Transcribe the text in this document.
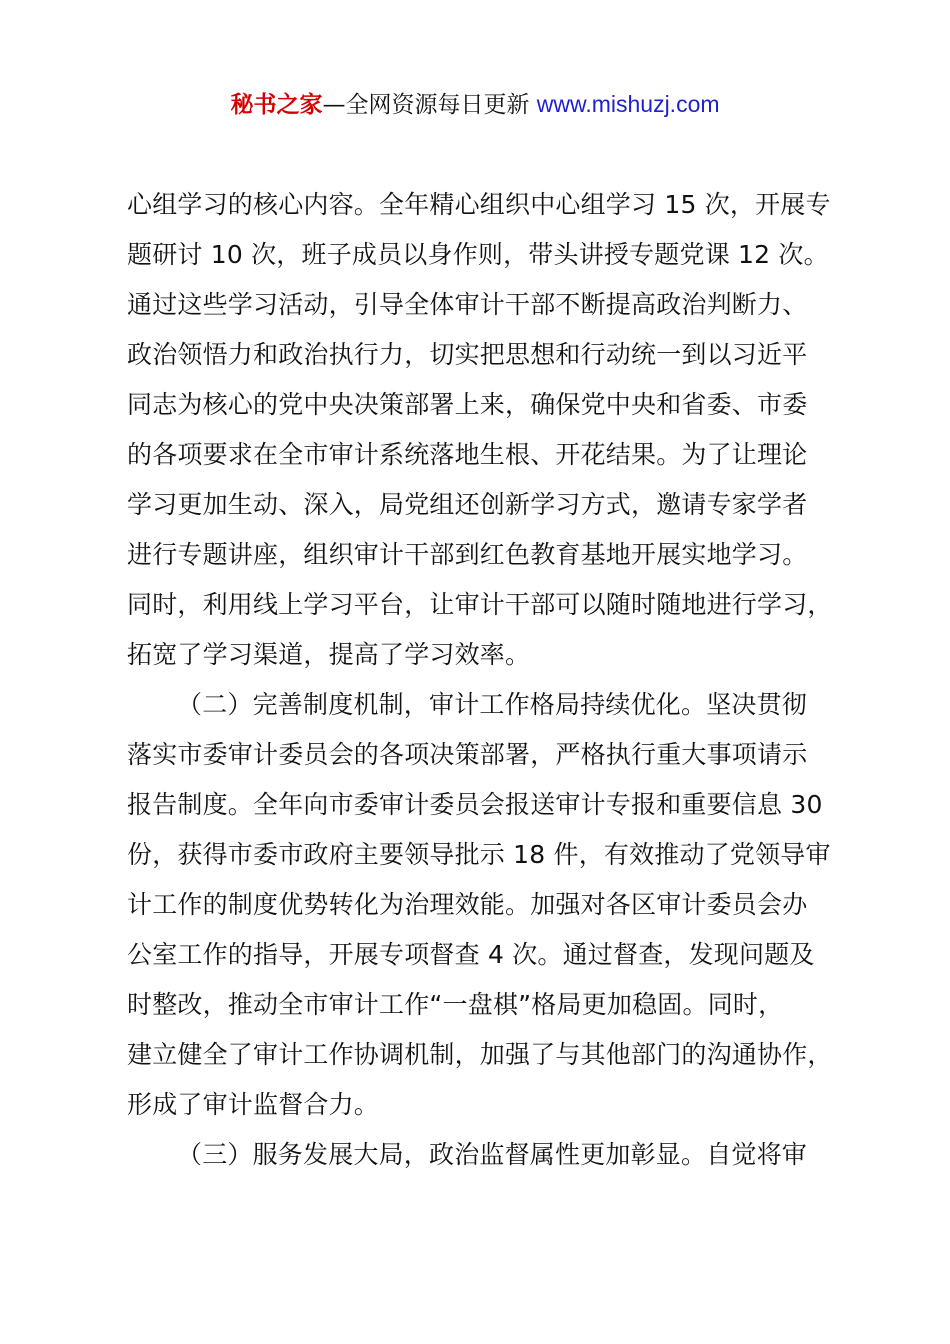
秘书之家—全网资源每日更新 www.mishuzj.com

心组学习的核心内容。全年精心组织中心组学习 15 次，开展专
题研讨 10 次，班子成员以身作则，带头讲授专题党课 12 次。
通过这些学习活动，引导全体审计干部不断提高政治判断力、
政治领悟力和政治执行力，切实把思想和行动统一到以习近平
同志为核心的党中央决策部署上来，确保党中央和省委、市委
的各项要求在全市审计系统落地生根、开花结果。为了让理论
学习更加生动、深入，局党组还创新学习方式，邀请专家学者
进行专题讲座，组织审计干部到红色教育基地开展实地学习。
同时，利用线上学习平台，让审计干部可以随时随地进行学习，
拓宽了学习渠道，提高了学习效率。

（二）完善制度机制，审计工作格局持续优化。坚决贯彻
落实市委审计委员会的各项决策部署，严格执行重大事项请示
报告制度。全年向市委审计委员会报送审计专报和重要信息 30
份，获得市委市政府主要领导批示 18 件，有效推动了党领导审
计工作的制度优势转化为治理效能。加强对各区审计委员会办
公室工作的指导，开展专项督查 4 次。通过督查，发现问题及
时整改，推动全市审计工作“一盘棋”格局更加稳固。同时，
建立健全了审计工作协调机制，加强了与其他部门的沟通协作，
形成了审计监督合力。

（三）服务发展大局，政治监督属性更加彰显。自觉将审
